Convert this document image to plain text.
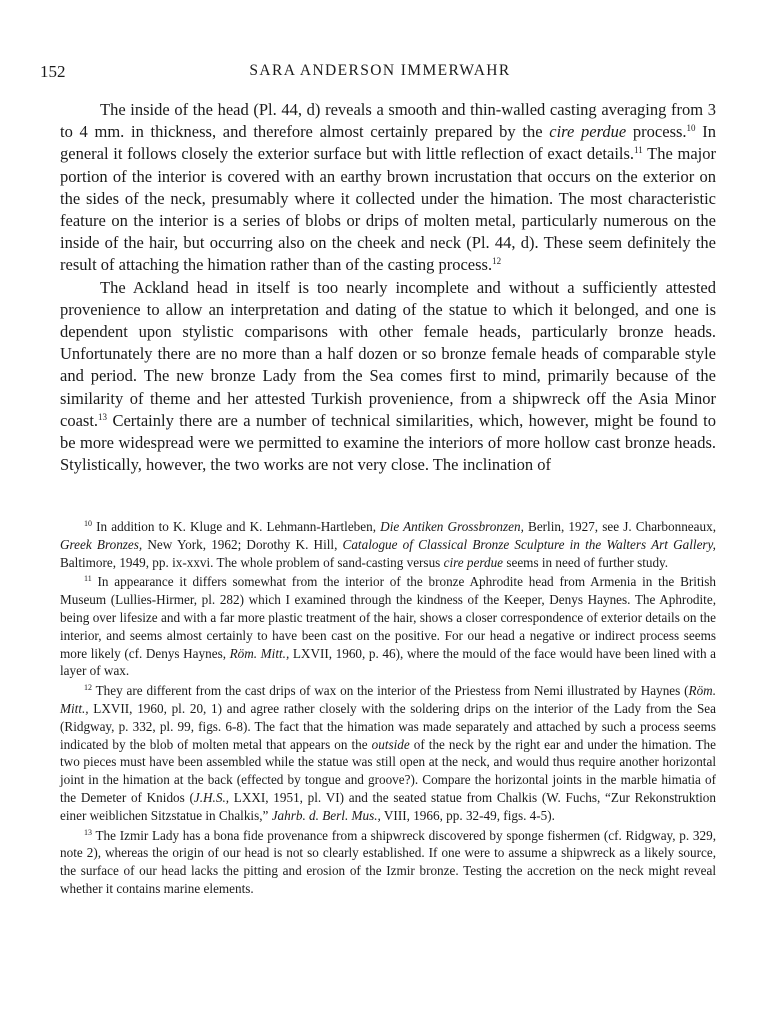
152	SARA ANDERSON IMMERWAHR

The inside of the head (Pl. 44, d) reveals a smooth and thin-walled casting averaging from 3 to 4 mm. in thickness, and therefore almost certainly prepared by the cire perdue process.$^{10}$ In general it follows closely the exterior surface but with little reflection of exact details.$^{11}$ The major portion of the interior is covered with an earthy brown incrustation that occurs on the exterior on the sides of the neck, presumably where it collected under the himation. The most characteristic feature on the interior is a series of blobs or drips of molten metal, particularly numerous on the inside of the hair, but occurring also on the cheek and neck (Pl. 44, d). These seem definitely the result of attaching the himation rather than of the casting process.$^{12}$

The Ackland head in itself is too nearly incomplete and without a sufficiently attested provenience to allow an interpretation and dating of the statue to which it belonged, and one is dependent upon stylistic comparisons with other female heads, particularly bronze heads. Unfortunately there are no more than a half dozen or so bronze female heads of comparable style and period. The new bronze Lady from the Sea comes first to mind, primarily because of the similarity of theme and her attested Turkish provenience, from a shipwreck off the Asia Minor coast.$^{13}$ Certainly there are a number of technical similarities, which, however, might be found to be more widespread were we permitted to examine the interiors of more hollow cast bronze heads. Stylistically, however, the two works are not very close. The inclination of

$^{10}$ In addition to K. Kluge and K. Lehmann-Hartleben, Die Antiken Grossbronzen, Berlin, 1927, see J. Charbonneaux, Greek Bronzes, New York, 1962; Dorothy K. Hill, Catalogue of Classical Bronze Sculpture in the Walters Art Gallery, Baltimore, 1949, pp. ix-xxvi. The whole problem of sand-casting versus cire perdue seems in need of further study.

$^{11}$ In appearance it differs somewhat from the interior of the bronze Aphrodite head from Armenia in the British Museum (Lullies-Hirmer, pl. 282) which I examined through the kindness of the Keeper, Denys Haynes. The Aphrodite, being over lifesize and with a far more plastic treatment of the hair, shows a closer correspondence of exterior details on the interior, and seems almost certainly to have been cast on the positive. For our head a negative or indirect process seems more likely (cf. Denys Haynes, Röm. Mitt., LXVII, 1960, p. 46), where the mould of the face would have been lined with a layer of wax.

$^{12}$ They are different from the cast drips of wax on the interior of the Priestess from Nemi illustrated by Haynes (Röm. Mitt., LXVII, 1960, pl. 20, 1) and agree rather closely with the soldering drips on the interior of the Lady from the Sea (Ridgway, p. 332, pl. 99, figs. 6-8). The fact that the himation was made separately and attached by such a process seems indicated by the blob of molten metal that appears on the outside of the neck by the right ear and under the himation. The two pieces must have been assembled while the statue was still open at the neck, and would thus require another horizontal joint in the himation at the back (effected by tongue and groove?). Compare the horizontal joints in the marble himatia of the Demeter of Knidos (J.H.S., LXXI, 1951, pl. VI) and the seated statue from Chalkis (W. Fuchs, “Zur Rekonstruktion einer weiblichen Sitzstatue in Chalkis,” Jahrb. d. Berl. Mus., VIII, 1966, pp. 32-49, figs. 4-5).

$^{13}$ The Izmir Lady has a bona fide provenance from a shipwreck discovered by sponge fishermen (cf. Ridgway, p. 329, note 2), whereas the origin of our head is not so clearly established. If one were to assume a shipwreck as a likely source, the surface of our head lacks the pitting and erosion of the Izmir bronze. Testing the accretion on the neck might reveal whether it contains marine elements.
